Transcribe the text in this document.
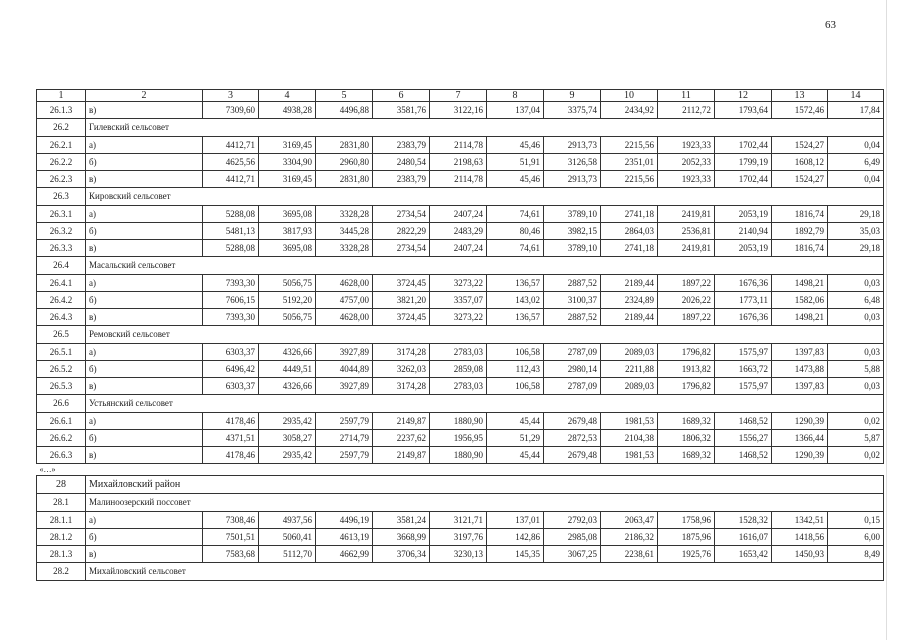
63
1	2	3	4	5	6	7	8	9	10	11	12	13	14
26.1.3	в)	7309,60	4938,28	4496,88	3581,76	3122,16	137,04	3375,74	2434,92	2112,72	1793,64	1572,46	17,84
26.2	Гилевский сельсовет												
26.2.1	а)	4412,71	3169,45	2831,80	2383,79	2114,78	45,46	2913,73	2215,56	1923,33	1702,44	1524,27	0,04
26.2.2	б)	4625,56	3304,90	2960,80	2480,54	2198,63	51,91	3126,58	2351,01	2052,33	1799,19	1608,12	6,49
26.2.3	в)	4412,71	3169,45	2831,80	2383,79	2114,78	45,46	2913,73	2215,56	1923,33	1702,44	1524,27	0,04
26.3	Кировский сельсовет												
26.3.1	а)	5288,08	3695,08	3328,28	2734,54	2407,24	74,61	3789,10	2741,18	2419,81	2053,19	1816,74	29,18
26.3.2	б)	5481,13	3817,93	3445,28	2822,29	2483,29	80,46	3982,15	2864,03	2536,81	2140,94	1892,79	35,03
26.3.3	в)	5288,08	3695,08	3328,28	2734,54	2407,24	74,61	3789,10	2741,18	2419,81	2053,19	1816,74	29,18
26.4	Масальский сельсовет												
26.4.1	а)	7393,30	5056,75	4628,00	3724,45	3273,22	136,57	2887,52	2189,44	1897,22	1676,36	1498,21	0,03
26.4.2	б)	7606,15	5192,20	4757,00	3821,20	3357,07	143,02	3100,37	2324,89	2026,22	1773,11	1582,06	6,48
26.4.3	в)	7393,30	5056,75	4628,00	3724,45	3273,22	136,57	2887,52	2189,44	1897,22	1676,36	1498,21	0,03
26.5	Ремовский сельсовет												
26.5.1	а)	6303,37	4326,66	3927,89	3174,28	2783,03	106,58	2787,09	2089,03	1796,82	1575,97	1397,83	0,03
26.5.2	б)	6496,42	4449,51	4044,89	3262,03	2859,08	112,43	2980,14	2211,88	1913,82	1663,72	1473,88	5,88
26.5.3	в)	6303,37	4326,66	3927,89	3174,28	2783,03	106,58	2787,09	2089,03	1796,82	1575,97	1397,83	0,03
26.6	Устьянский сельсовет												
26.6.1	а)	4178,46	2935,42	2597,79	2149,87	1880,90	45,44	2679,48	1981,53	1689,32	1468,52	1290,39	0,02
26.6.2	б)	4371,51	3058,27	2714,79	2237,62	1956,95	51,29	2872,53	2104,38	1806,32	1556,27	1366,44	5,87
26.6.3	в)	4178,46	2935,42	2597,79	2149,87	1880,90	45,44	2679,48	1981,53	1689,32	1468,52	1290,39	0,02
«…»													
28	Михайловский район												
28.1	Малиноозерский поссовет												
28.1.1	а)	7308,46	4937,56	4496,19	3581,24	3121,71	137,01	2792,03	2063,47	1758,96	1528,32	1342,51	0,15
28.1.2	б)	7501,51	5060,41	4613,19	3668,99	3197,76	142,86	2985,08	2186,32	1875,96	1616,07	1418,56	6,00
28.1.3	в)	7583,68	5112,70	4662,99	3706,34	3230,13	145,35	3067,25	2238,61	1925,76	1653,42	1450,93	8,49
28.2	Михайловский сельсовет												
